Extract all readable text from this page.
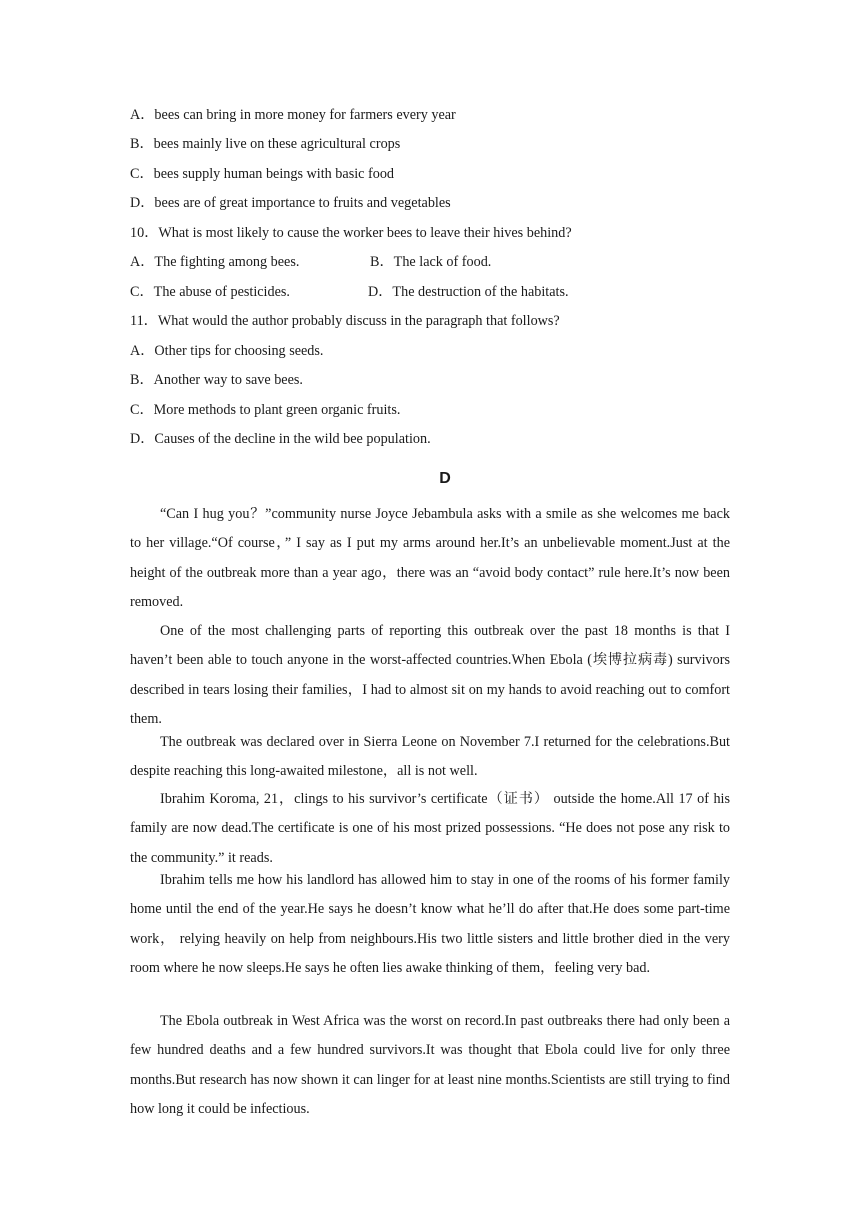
A．bees can bring in more money for farmers every year
B．bees mainly live on these agricultural crops
C．bees supply human beings with basic food
D．bees are of great importance to fruits and vegetables
10．What is most likely to cause the worker bees to leave their hives behind?
A．The fighting among bees.	B．The lack of food.
C．The abuse of pesticides.	D．The destruction of the habitats.
11．What would the author probably discuss in the paragraph that follows?
A．Other tips for choosing seeds.
B．Another way to save bees.
C．More methods to plant green organic fruits.
D．Causes of the decline in the wild bee population.
D
“Can I hug you？”community nurse Joyce Jebambula asks with a smile as she welcomes me back to her village.“Of course，” I say as I put my arms around her.It’s an unbelievable moment.Just at the height of the outbreak more than a year ago，there was an “avoid body contact” rule here.It’s now been removed.
One of the most challenging parts of reporting this outbreak over the past 18 months is that I haven’t been able to touch anyone in the worst-affected countries.When Ebola (埃博拉病毒) survivors described in tears losing their families，I had to almost sit on my hands to avoid reaching out to comfort them.
The outbreak was declared over in Sierra Leone on November 7.I returned for the celebrations.But despite reaching this long-awaited milestone，all is not well.
Ibrahim Koroma, 21，clings to his survivor’s certificate（证书） outside the home.All 17 of his family are now dead.The certificate is one of his most prized possessions. “He does not pose any risk to the community.” it reads.
Ibrahim tells me how his landlord has allowed him to stay in one of the rooms of his former family home until the end of the year.He says he doesn’t know what he’ll do after that.He does some part-time work， relying heavily on help from neighbours.His two little sisters and little brother died in the very room where he now sleeps.He says he often lies awake thinking of them，feeling very bad.
The Ebola outbreak in West Africa was the worst on record.In past outbreaks there had only been a few hundred deaths and a few hundred survivors.It was thought that Ebola could live for only three months.But research has now shown it can linger for at least nine months.Scientists are still trying to find how long it could be infectious.
